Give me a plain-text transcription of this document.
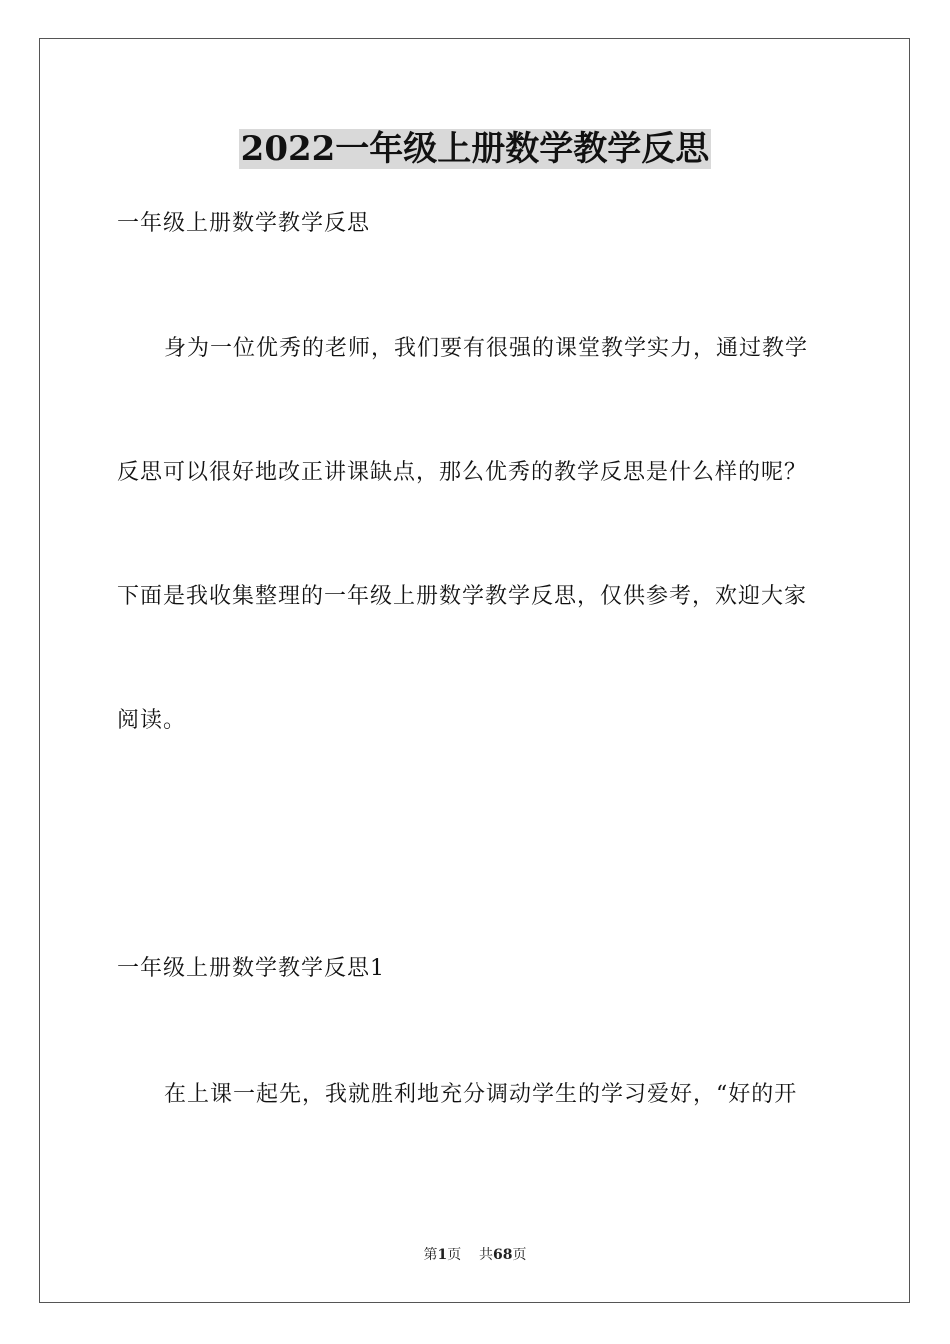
2022一年级上册数学教学反思
一年级上册数学教学反思
身为一位优秀的老师，我们要有很强的课堂教学实力，通过教学
反思可以很好地改正讲课缺点，那么优秀的教学反思是什么样的呢？
下面是我收集整理的一年级上册数学教学反思，仅供参考，欢迎大家
阅读。
一年级上册数学教学反思1
在上课一起先，我就胜利地充分调动学生的学习爱好，“好的开
第1页 共68页
